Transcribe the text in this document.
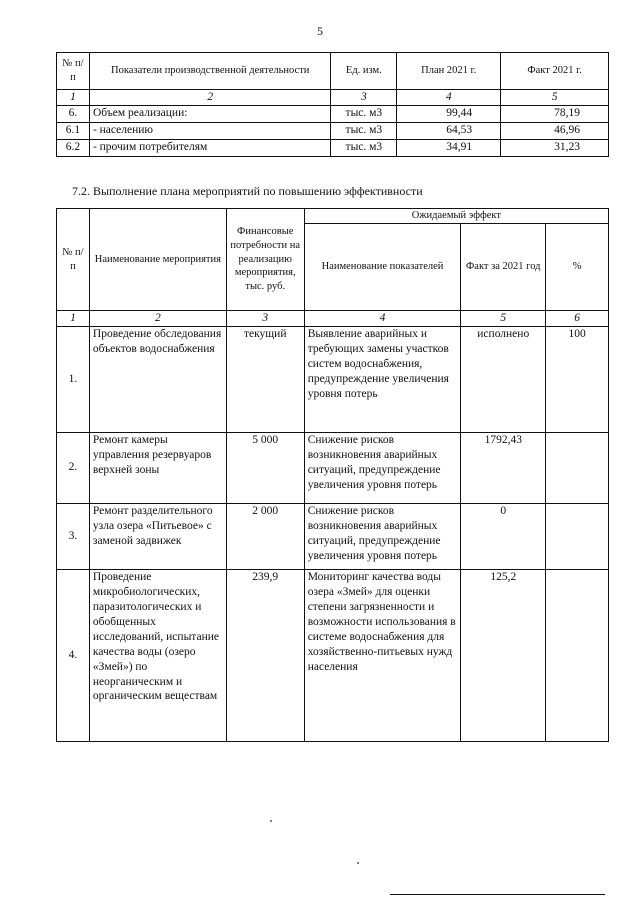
5
№ п/п	Показатели производственной деятельности	Ед. изм.	План 2021 г.	Факт 2021 г.
1	2	3	4	5
6.	Объем реализации:	тыс. м3	99,44	78,19
6.1	- населению	тыс. м3	64,53	46,96
6.2	- прочим потребителям	тыс. м3	34,91	31,23
7.2. Выполнение плана мероприятий по повышению эффективности
№ п/п	Наименование мероприятия	Финансовые потребности на реализацию мероприятия, тыс. руб.	Ожидаемый эффект		
			Наименование показателей	Факт за 2021 год	%
1	2	3	4	5	6
1.	Проведение обследования объектов водоснабжения	текущий	Выявление аварийных и требующих замены участков систем водоснабжения, предупреждение увеличения уровня потерь	исполнено	100
2.	Ремонт камеры управления резервуаров верхней зоны	5 000	Снижение рисков возникновения аварийных ситуаций, предупреждение увеличения уровня потерь	1792,43	
3.	Ремонт разделительного узла озера «Питьевое» с заменой задвижек	2 000	Снижение рисков возникновения аварийных ситуаций, предупреждение увеличения уровня потерь	0	
4.	Проведение микробиологических, паразитологических и обобщенных исследований, испытание качества воды (озеро «Змей») по неорганическим и органическим веществам	239,9	Мониторинг качества воды озера «Змей» для оценки степени загрязненности и возможности использования в системе водоснабжения для хозяйственно-питьевых нужд населения	125,2	
